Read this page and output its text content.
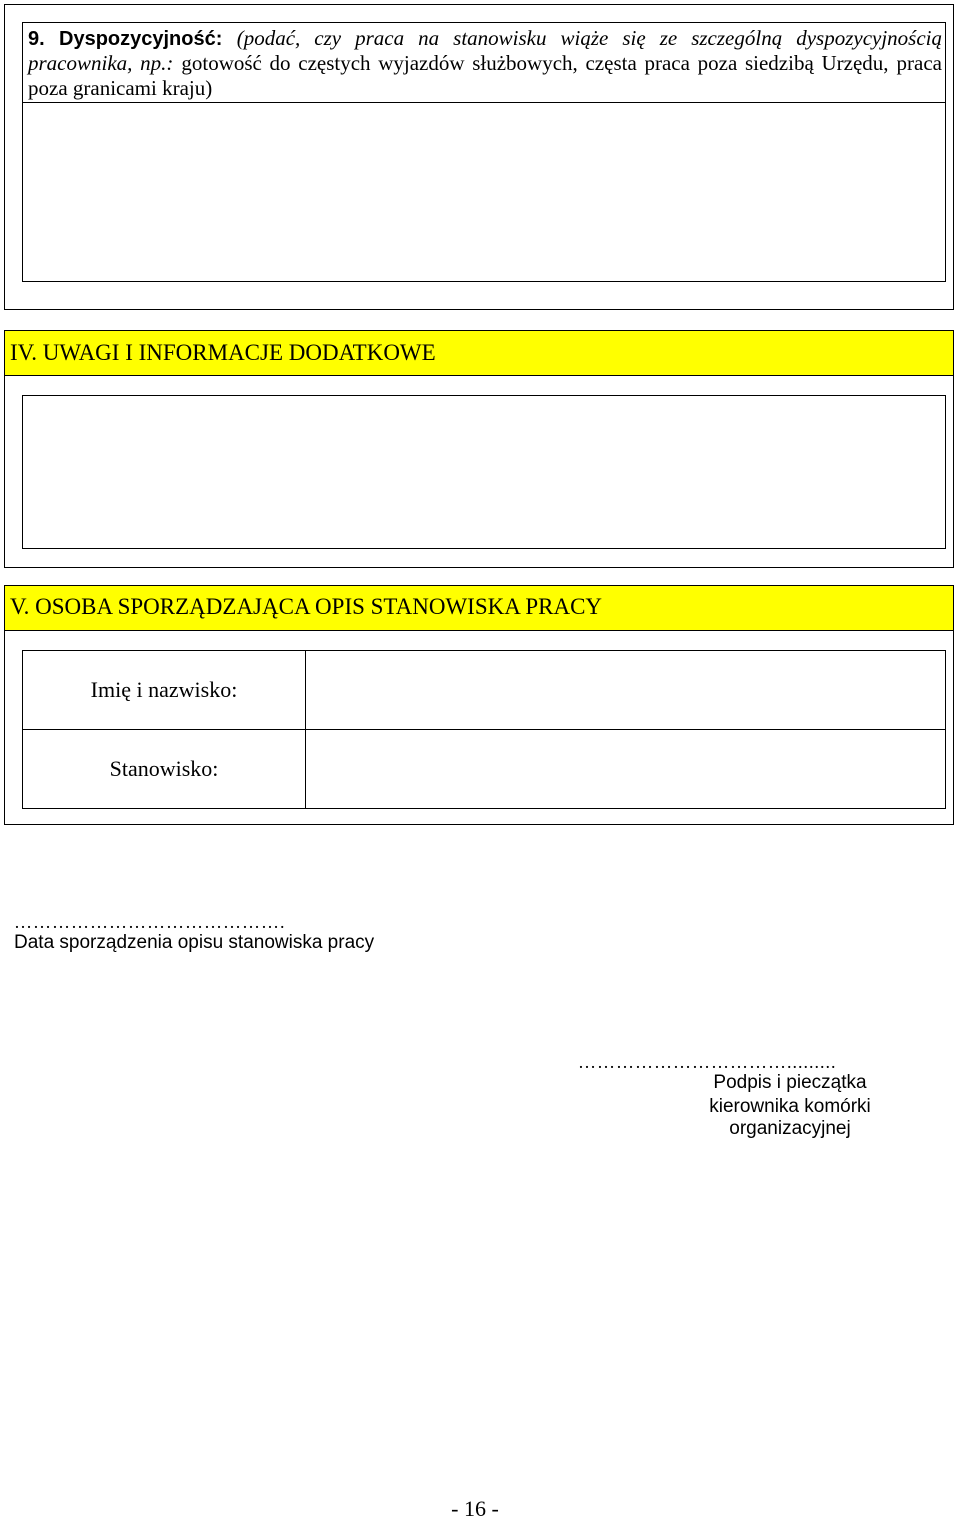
9. Dyspozycyjność: (podać, czy praca na stanowisku wiąże się ze szczególną dyspozycyjnością pracownika, np.: gotowość do częstych wyjazdów służbowych, częsta praca poza siedzibą Urzędu, praca poza granicami kraju)
IV. UWAGI I INFORMACJE DODATKOWE
V. OSOBA SPORZĄDZAJĄCA OPIS STANOWISKA PRACY
Imię i nazwisko:	
Stanowisko:	
…………………………………….
Data sporządzenia opisu stanowiska pracy
…………………………….........
Podpis i pieczątka
kierownika komórki organizacyjnej
- 16 -
